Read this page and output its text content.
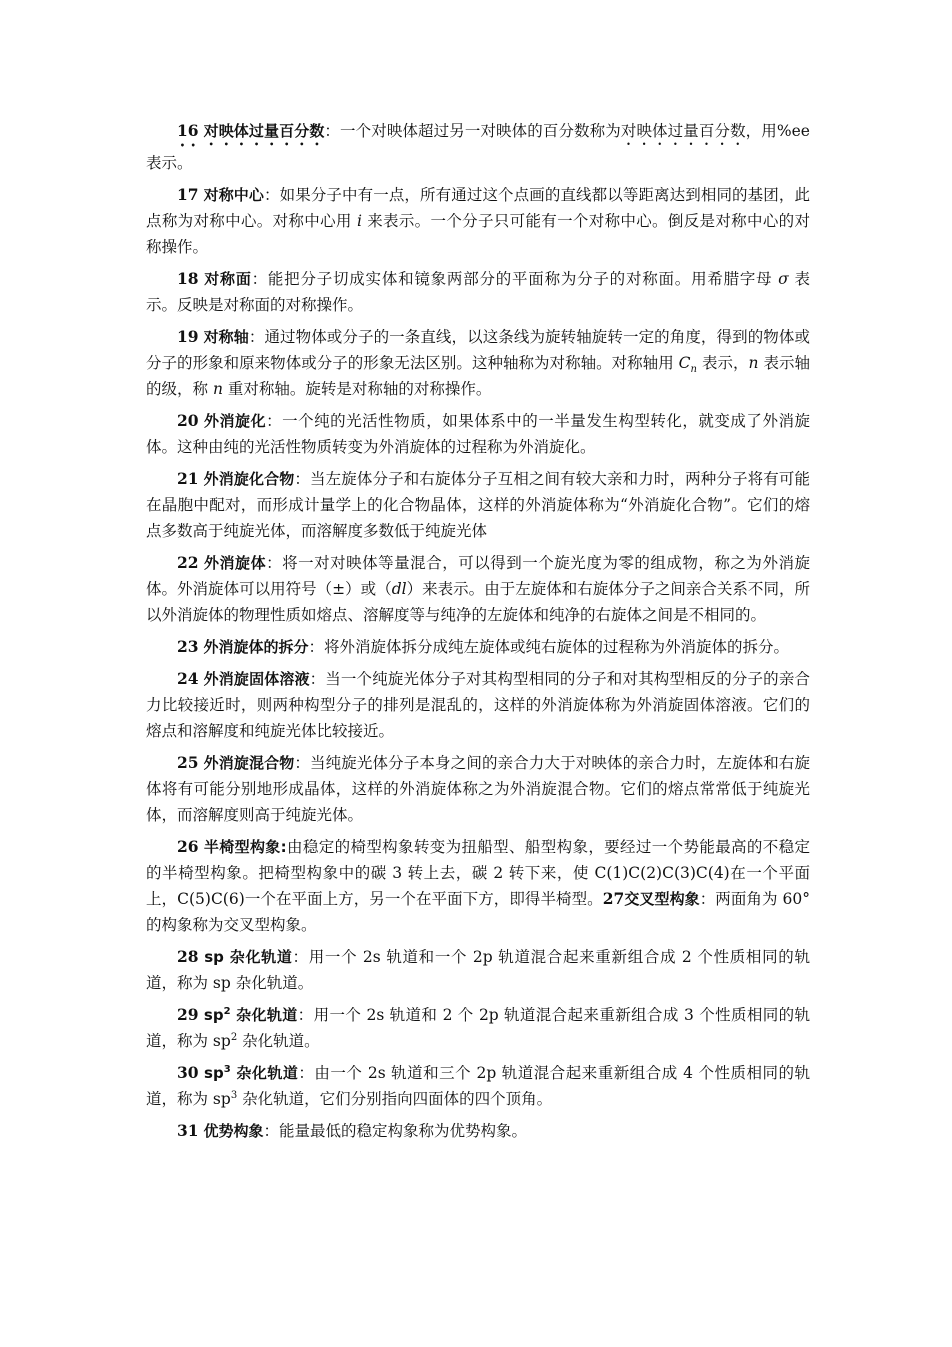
16 对映体过量百分数：一个对映体超过另一对映体的百分数称为对映体过量百分数，用%ee 表示。

17 对称中心：如果分子中有一点，所有通过这个点画的直线都以等距离达到相同的基团，此点称为对称中心。对称中心用 i 来表示。一个分子只可能有一个对称中心。倒反是对称中心的对称操作。

18 对称面：能把分子切成实体和镜象两部分的平面称为分子的对称面。用希腊字母 σ 表示。反映是对称面的对称操作。

19 对称轴：通过物体或分子的一条直线，以这条线为旋转轴旋转一定的角度，得到的物体或分子的形象和原来物体或分子的形象无法区别。这种轴称为对称轴。对称轴用 $C_n$ 表示，n 表示轴的级，称 n 重对称轴。旋转是对称轴的对称操作。

20 外消旋化：一个纯的光活性物质，如果体系中的一半量发生构型转化，就变成了外消旋体。这种由纯的光活性物质转变为外消旋体的过程称为外消旋化。

21 外消旋化合物：当左旋体分子和右旋体分子互相之间有较大亲和力时，两种分子将有可能在晶胞中配对，而形成计量学上的化合物晶体，这样的外消旋体称为“外消旋化合物”。它们的熔点多数高于纯旋光体，而溶解度多数低于纯旋光体

22 外消旋体：将一对对映体等量混合，可以得到一个旋光度为零的组成物，称之为外消旋体。外消旋体可以用符号（±）或（dl）来表示。由于左旋体和右旋体分子之间亲合关系不同，所以外消旋体的物理性质如熔点、溶解度等与纯净的左旋体和纯净的右旋体之间是不相同的。

23 外消旋体的拆分：将外消旋体拆分成纯左旋体或纯右旋体的过程称为外消旋体的拆分。

24 外消旋固体溶液：当一个纯旋光体分子对其构型相同的分子和对其构型相反的分子的亲合力比较接近时，则两种构型分子的排列是混乱的，这样的外消旋体称为外消旋固体溶液。它们的熔点和溶解度和纯旋光体比较接近。

25 外消旋混合物：当纯旋光体分子本身之间的亲合力大于对映体的亲合力时，左旋体和右旋体将有可能分别地形成晶体，这样的外消旋体称之为外消旋混合物。它们的熔点常常低于纯旋光体，而溶解度则高于纯旋光体。

26 半椅型构象:由稳定的椅型构象转变为扭船型、船型构象，要经过一个势能最高的不稳定的半椅型构象。把椅型构象中的碳 3 转上去，碳 2 转下来，使 C(1)C(2)C(3)C(4)在一个平面上，C(5)C(6)一个在平面上方，另一个在平面下方，即得半椅型。27交叉型构象：两面角为 60°的构象称为交叉型构象。

28 sp 杂化轨道：用一个 2s 轨道和一个 2p 轨道混合起来重新组合成 2 个性质相同的轨道，称为 sp 杂化轨道。

29 $sp^2$ 杂化轨道：用一个 2s 轨道和 2 个 2p 轨道混合起来重新组合成 3 个性质相同的轨道，称为 $sp^2$ 杂化轨道。

30 $sp^3$ 杂化轨道：由一个 2s 轨道和三个 2p 轨道混合起来重新组合成 4 个性质相同的轨道，称为 $sp^3$ 杂化轨道，它们分别指向四面体的四个顶角。

31 优势构象：能量最低的稳定构象称为优势构象。
